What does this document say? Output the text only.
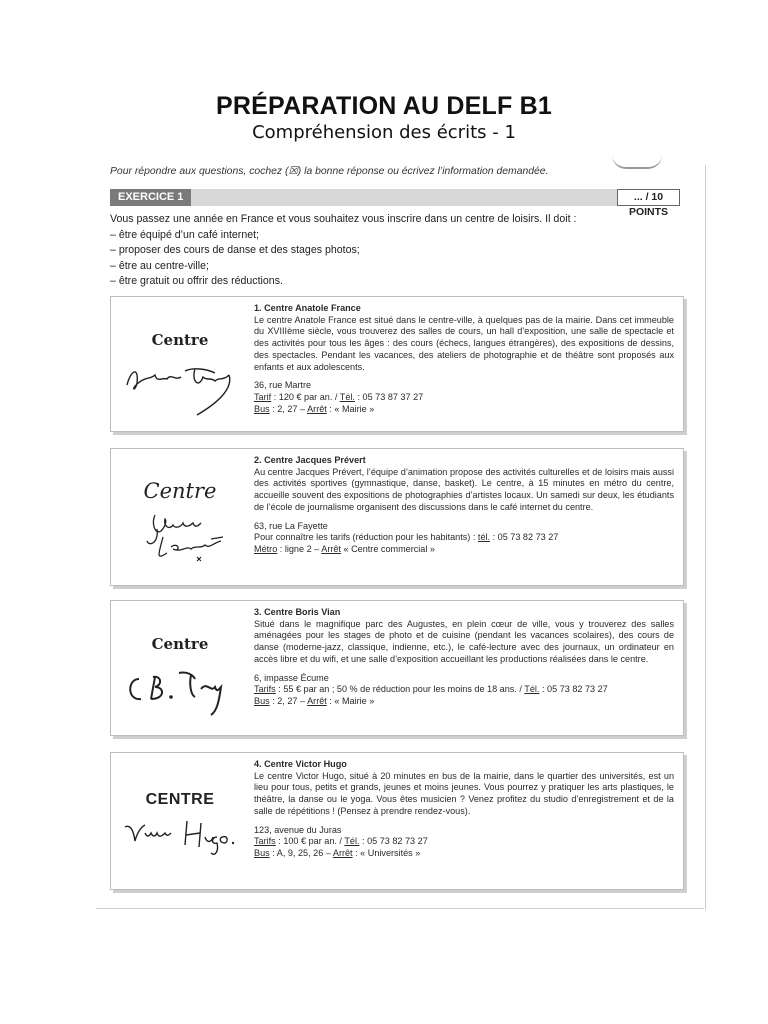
PRÉPARATION AU DELF B1
Compréhension des écrits - 1
Pour répondre aux questions, cochez (☒) la bonne réponse ou écrivez l’information demandée.
EXERCICE 1	... / 10 POINTS
Vous passez une année en France et vous souhaitez vous inscrire dans un centre de loisirs. Il doit :
– être équipé d’un café internet;
– proposer des cours de danse et des stages photos;
– être au centre-ville;
– être gratuit ou offrir des réductions.
Centre
1. Centre Anatole France
Le centre Anatole France est situé dans le centre-ville, à quelques pas de la mairie. Dans cet immeuble du XVIIIème siècle, vous trouverez des salles de cours, un hall d’exposition, une salle de spectacle et des activités pour tous les âges : des cours (échecs, langues étrangères), des expositions de dessins, des spectacles. Pendant les vacances, des ateliers de photographie et de théâtre sont proposés aux enfants et aux adolescents.
36, rue Martre
Tarif : 120 € par an. / Tél. : 05 73 87 37 27
Bus : 2, 27 – Arrêt : « Mairie »
Centre
2. Centre Jacques Prévert
Au centre Jacques Prévert, l’équipe d’animation propose des activités culturelles et de loisirs mais aussi des activités sportives (gymnastique, danse, basket). Le centre, à 15 minutes en métro du centre, accueille souvent des expositions de photographies d’artistes locaux. Un samedi sur deux, les étudiants de l’école de journalisme organisent des discussions dans le café internet du centre.
63, rue La Fayette
Pour connaître les tarifs (réduction pour les habitants) : tél. : 05 73 82 73 27
Métro : ligne 2 – Arrêt « Centre commercial »
Centre
3. Centre Boris Vian
Situé dans le magnifique parc des Augustes, en plein cœur de ville, vous y trouverez des salles aménagées pour les stages de photo et de cuisine (pendant les vacances scolaires), des cours de danse (moderne-jazz, classique, indienne, etc.), le café-lecture avec des journaux, un ordinateur en accès libre et du wifi, et une salle d’exposition accueillant les productions réalisées dans le centre.
6, impasse Écume
Tarifs : 55 € par an ; 50 % de réduction pour les moins de 18 ans. / Tél. : 05 73 82 73 27
Bus : 2, 27 – Arrêt : « Mairie »
CENTRE
4. Centre Victor Hugo
Le centre Victor Hugo, situé à 20 minutes en bus de la mairie, dans le quartier des universités, est un lieu pour tous, petits et grands, jeunes et moins jeunes. Vous pourrez y pratiquer les arts plastiques, le théâtre, la danse ou le yoga. Vous êtes musicien ? Venez profitez du studio d’enregistrement et de la salle de répétitions ! (Pensez à prendre rendez-vous).
123, avenue du Juras
Tarifs : 100 € par an. / Tél. : 05 73 82 73 27
Bus : A, 9, 25, 26 – Arrêt : « Universités »
